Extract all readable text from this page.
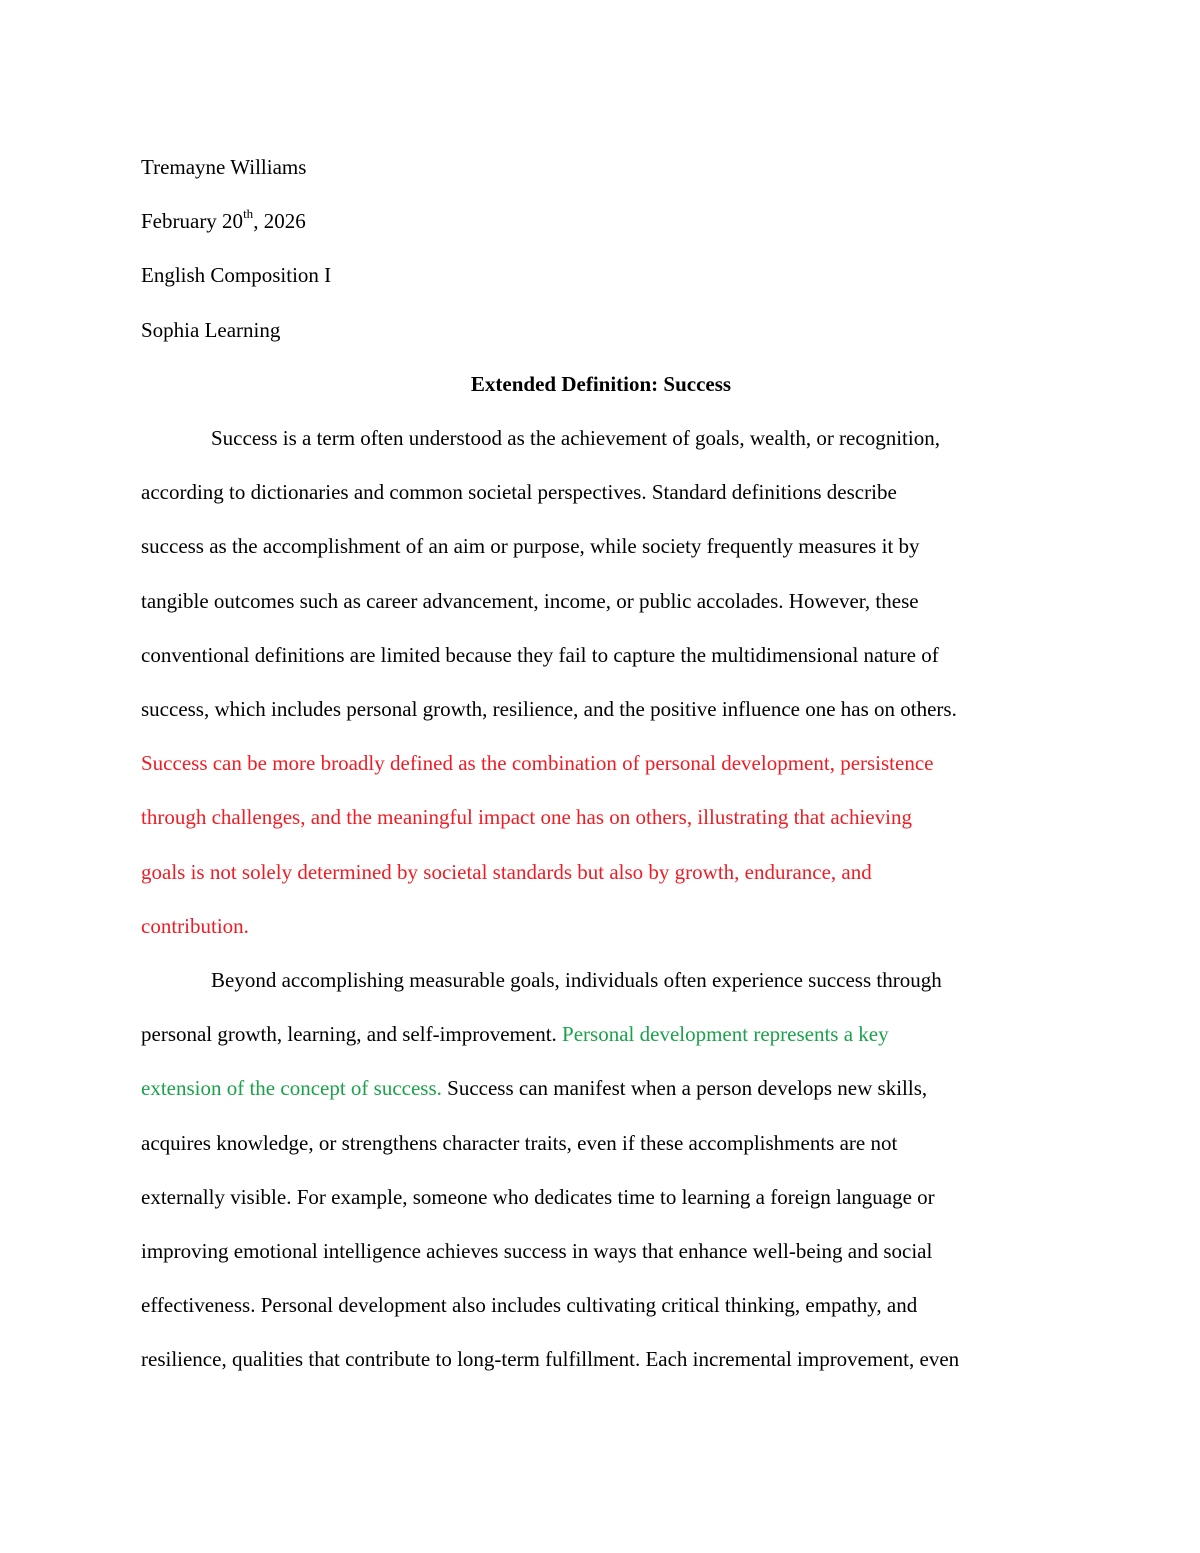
Tremayne Williams

February 20th, 2026

English Composition I

Sophia Learning

Extended Definition: Success

Success is a term often understood as the achievement of goals, wealth, or recognition,
according to dictionaries and common societal perspectives. Standard definitions describe
success as the accomplishment of an aim or purpose, while society frequently measures it by
tangible outcomes such as career advancement, income, or public accolades. However, these
conventional definitions are limited because they fail to capture the multidimensional nature of
success, which includes personal growth, resilience, and the positive influence one has on others.
Success can be more broadly defined as the combination of personal development, persistence
through challenges, and the meaningful impact one has on others, illustrating that achieving
goals is not solely determined by societal standards but also by growth, endurance, and
contribution.
Beyond accomplishing measurable goals, individuals often experience success through
personal growth, learning, and self-improvement. Personal development represents a key
extension of the concept of success. Success can manifest when a person develops new skills,
acquires knowledge, or strengthens character traits, even if these accomplishments are not
externally visible. For example, someone who dedicates time to learning a foreign language or
improving emotional intelligence achieves success in ways that enhance well-being and social
effectiveness. Personal development also includes cultivating critical thinking, empathy, and
resilience, qualities that contribute to long-term fulfillment. Each incremental improvement, even
